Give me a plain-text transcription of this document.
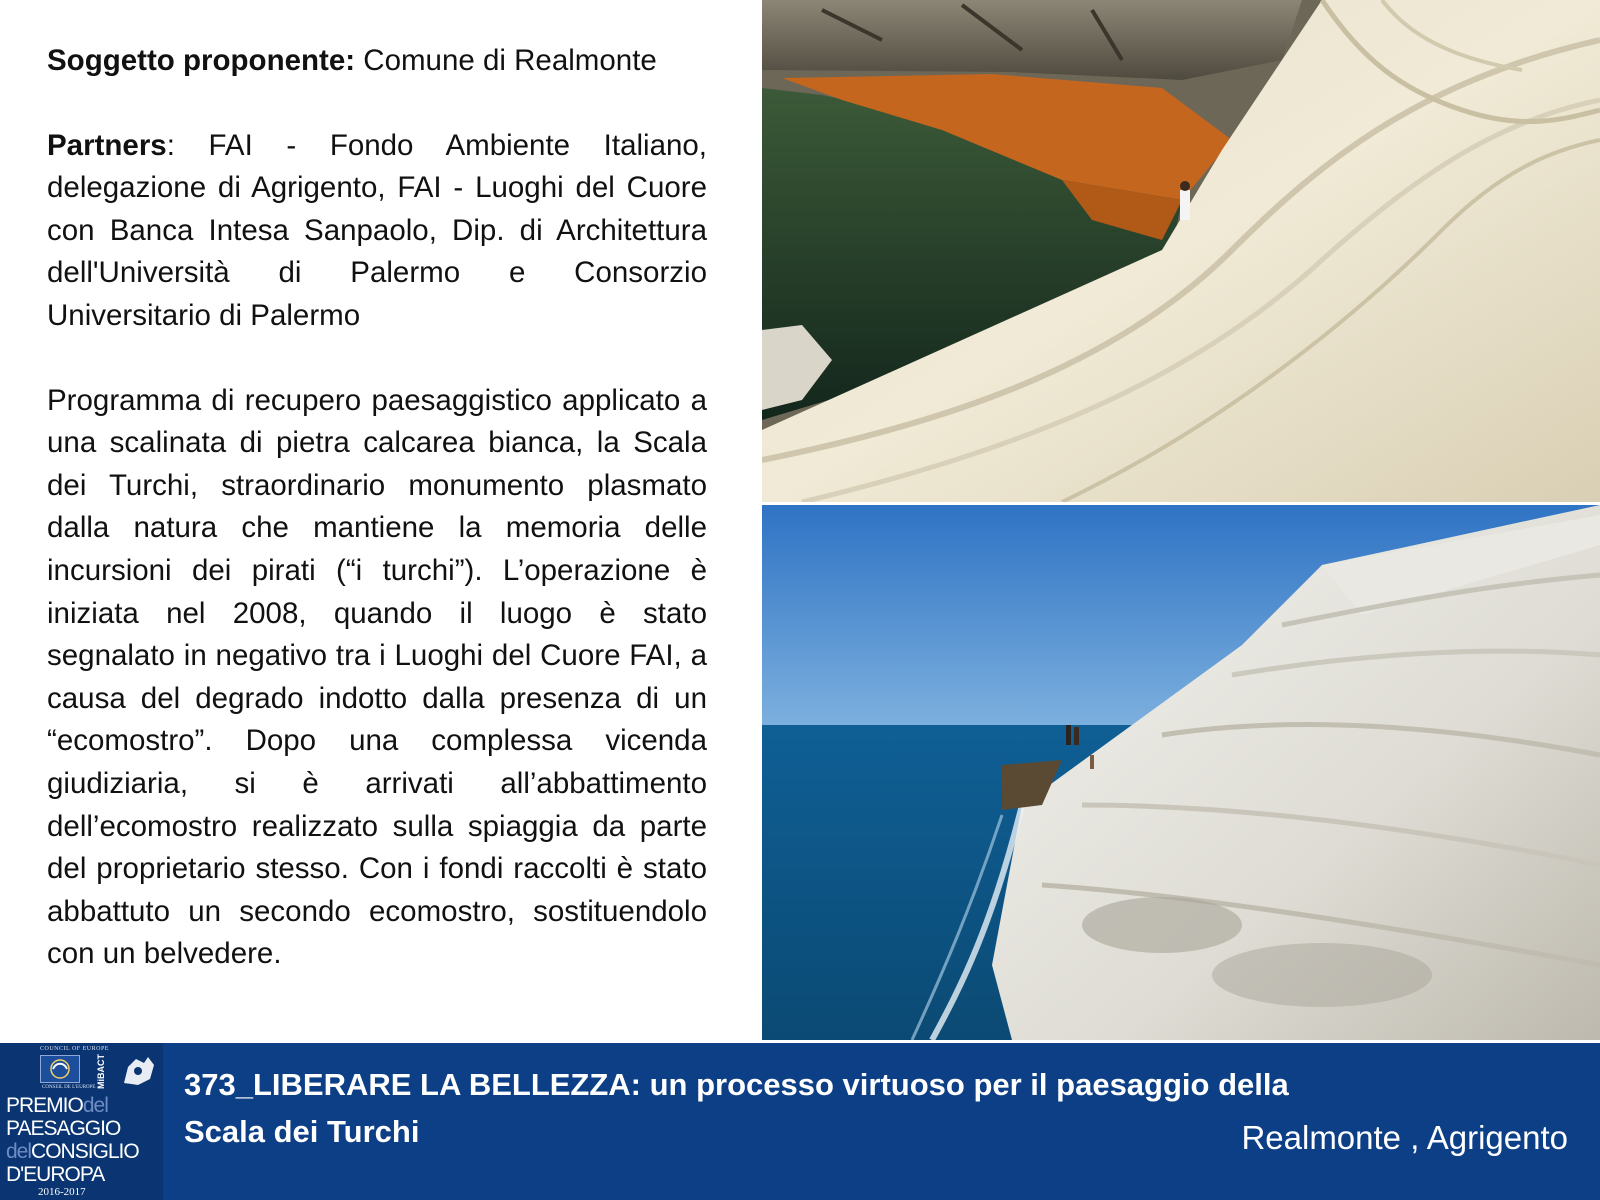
Soggetto proponente: Comune di Realmonte

Partners: FAI - Fondo Ambiente Italiano, delegazione di Agrigento, FAI - Luoghi del Cuore con Banca Intesa Sanpaolo, Dip. di Architettura dell'Università di Palermo e Consorzio Universitario di Palermo

Programma di recupero paesaggistico applicato a una scalinata di pietra calcarea bianca, la Scala dei Turchi, straordinario monumento plasmato dalla natura che mantiene la memoria delle incursioni dei pirati (“i turchi”). L’operazione è iniziata nel 2008, quando il luogo è stato segnalato in negativo tra i Luoghi del Cuore FAI, a causa del degrado indotto dalla presenza di un “ecomostro”. Dopo una complessa vicenda giudiziaria, si è arrivati all’abbattimento dell’ecomostro realizzato sulla spiaggia da parte del proprietario stesso. Con i fondi raccolti è stato abbattuto un secondo ecomostro, sostituendolo con un belvedere.

COUNCIL OF EUROPE
CONSEIL DE L'EUROPE MiBACT
PREMIOdel
PAESAGGIO
delCONSIGLIO
D'EUROPA
2016-2017
373_LIBERARE LA BELLEZZA: un processo virtuoso per il paesaggio della
Scala dei Turchi	Realmonte , Agrigento
